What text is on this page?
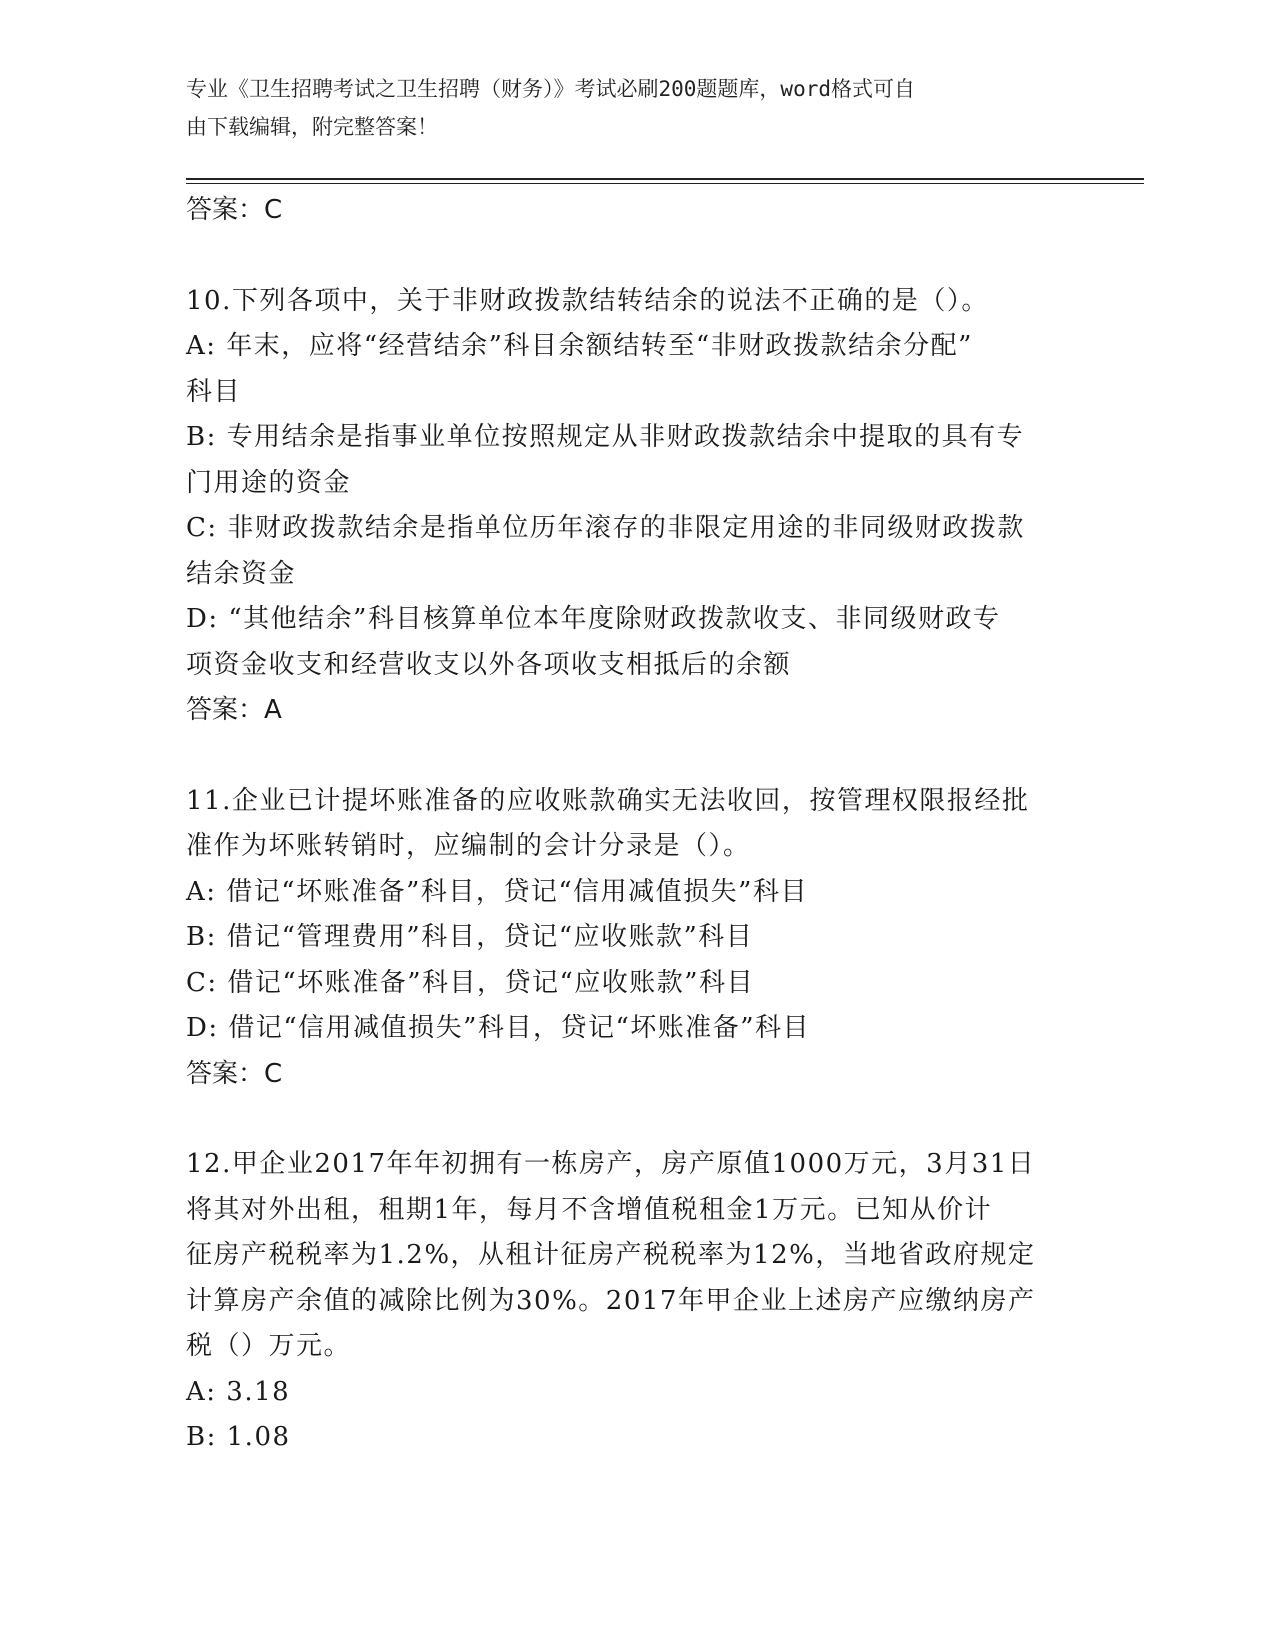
专业《卫生招聘考试之卫生招聘（财务）》考试必刷200题题库，word格式可自
由下载编辑，附完整答案！
答案：C
10.下列各项中，关于非财政拨款结转结余的说法不正确的是（）。
A: 年末，应将“经营结余”科目余额结转至“非财政拨款结余分配”
科目
B: 专用结余是指事业单位按照规定从非财政拨款结余中提取的具有专
门用途的资金
C: 非财政拨款结余是指单位历年滚存的非限定用途的非同级财政拨款
结余资金
D: “其他结余”科目核算单位本年度除财政拨款收支、非同级财政专
项资金收支和经营收支以外各项收支相抵后的余额
答案：A
11.企业已计提坏账准备的应收账款确实无法收回，按管理权限报经批
准作为坏账转销时，应编制的会计分录是（）。
A: 借记“坏账准备”科目，贷记“信用减值损失”科目
B: 借记“管理费用”科目，贷记“应收账款”科目
C: 借记“坏账准备”科目，贷记“应收账款”科目
D: 借记“信用减值损失”科目，贷记“坏账准备”科目
答案：C
12.甲企业2017年年初拥有一栋房产，房产原值1000万元，3月31日
将其对外出租，租期1年，每月不含增值税租金1万元。已知从价计
征房产税税率为1.2%，从租计征房产税税率为12%，当地省政府规定
计算房产余值的减除比例为30%。2017年甲企业上述房产应缴纳房产
税（）万元。
A: 3.18
B: 1.08
